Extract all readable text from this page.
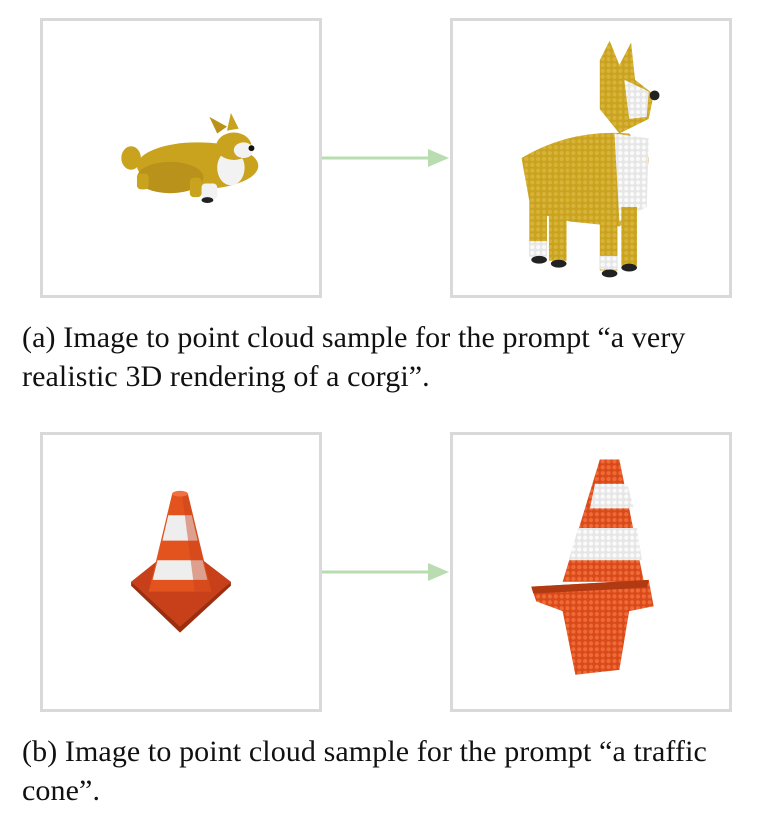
(a) Image to point cloud sample for the prompt “a very realistic 3D rendering of a corgi”.
(b) Image to point cloud sample for the prompt “a traffic cone”.
